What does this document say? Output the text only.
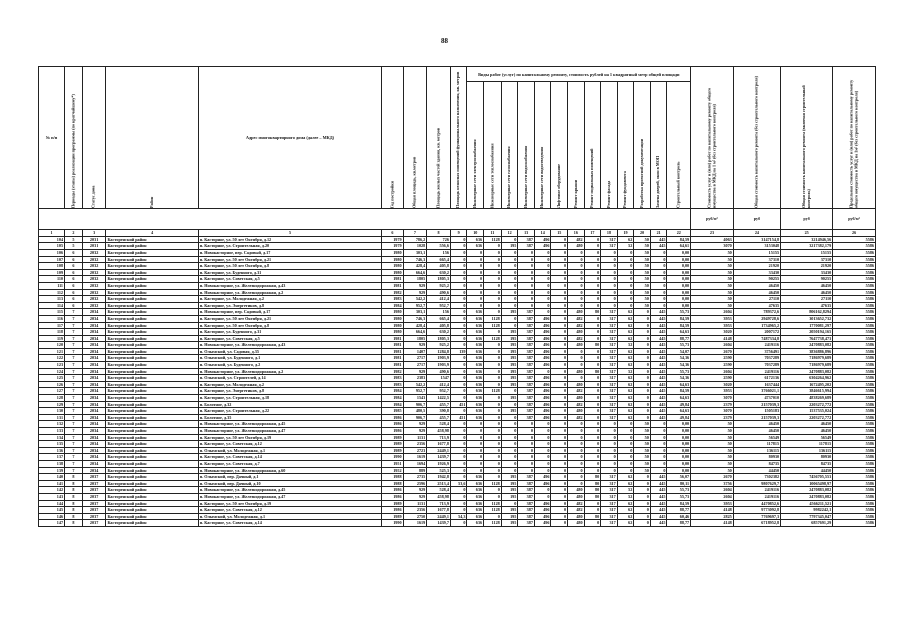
88
№ п/п	Периоды (этапы) реализации программы (по кратчайшему*)	Статус дома	Район	Адрес многоквартирного дома (далее – МКД)	Год постройки	Общая площадь, кв.метров	Площадь жилых частей здания, кв. метров	Площадь нежилых помещений функционального назначения, кв. метров	Виды работ (услуг) по капитальному ремонту, стоимость рублей на 1 квадратный метр общей площади													Стоимость услуг и (или) работ по капитальному ремонту общего имущества в МКД на 1 м² (без строительного контроля)	Общая стоимость капитального ремонта (без строительного контроля)	Общая стоимость капитального ремонта (включая строительный контроль)	Предельная стоимость услуг и (или) работ по капитальному ремонту общего имущества в МКД на 1м² (без строительного контроля)
									Инженерные сети электроснабжения	Инженерные сети теплоснабжения	Инженерные сети газоснабжения	Инженерные сети водоснабжения	Инженерные сети водоотведения	Лифтовое оборудование	Ремонт крыши	Ремонт подвальных помещений	Ремонт фасада	Ремонт фундамента	Разработка проектной документации	Замена дверей, окон в МОП	Строительный контроль				
																						руб/м²	руб	руб	руб/м²
1	2	3	4	5	6	7	8	9	10	11	12	13	14	15	16	17	18	19	20	21	22	23	24	25	26
104	5	2031	Касторенский район	п. Касторное, ул. 50 лет Октября, д.12	1979	786,2	726	0	636	1128	0	387	496	0	482	0	317	62	50	445	84,59	4063	3147154,8	3214946,56	5586
105	5	2031	Касторенский район	п. Касторное, ул. Строительная, д.20	1979	1028	556,6	0	636	0	195	387	496	0	480	0	317	52	50	445	64,61	3070	3153048	3217382,179	5586
106	6	2032	Касторенский район	п. Новокасторное, пер. Садовый, д.17	1980	303,1	156	0	0	0	0	0	0	0	0	0	0	0	50	0	0,00	50	15155	15155	5586
107	6	2032	Касторенский район	п. Касторное, ул. 50 лет Октября, д.21	1980	746,3	665,4	0	0	0	0	0	0	0	0	0	0	0	50	0	0,00	50	37310	37310	5586
108	6	2032	Касторенский район	п. Касторное, ул. 50 лет Октября, д.8	1980	428,4	405,8	0	0	0	0	0	0	0	0	0	0	0	50	0	0,00	50	21920	21920	5586
109	6	2032	Касторенский район	п. Касторное, ул. Буденного, д.31	1980	664,6	630,2	0	0	0	0	0	0	0	0	0	0	0	50	0	0,00	50	33430	33430	5586
110	6	2032	Касторенский район	п. Касторное, ул. Советская, д.5	1981	1805	1805,3	0	0	0	0	0	0	0	0	0	0	0	50	0	0,00	50	90255	90255	5586
111	6	2032	Касторенский район	п. Новокасторное, ул. Железнодорожная, д.43	1981	929	925,2	0	0	0	0	0	0	0	0	0	0	0	50	0	0,00	50	46450	46450	5586
112	6	2032	Касторенский район	п. Новокасторное, ул. Железнодорожная, д.2	1982	929	490,6	0	0	0	0	0	0	0	0	0	0	0	50	0	0,00	50	46450	46450	5586
113	6	2032	Касторенский район	п. Касторное, ул. Молодежная, д.2	1983	542,2	412,4	0	0	0	0	0	0	0	0	0	0	0	50	0	0,00	50	27110	27110	5586
114	6	2032	Касторенский район	п. Касторное, ул. Энергетиков, д.8	1984	952,7	952,7	0	0	0	0	0	0	0	0	0	0	0	50	0	0,00	50	47635	47635	5586
115	7	2034	Касторенский район	п. Новокасторное, пер. Садовый, д.17	1980	303,1	156	0	636	0	195	387	0	0	480	80	317	62	0	445	55,73	2604	789372,6	806162,8294	5586
116	7	2034	Касторенский район	п. Касторное, ул. 50 лет Октября, д.21	1980	746,3	665,4	0	636	1128	0	387	496	0	482	0	317	62	0	445	84,59	3953	2949728,6	3013652,732	5586
117	7	2034	Касторенский район	п. Касторное, ул. 50 лет Октября, д.8	1980	428,4	405,8	0	636	1128	0	387	496	0	482	0	317	62	0	445	84,59	3953	1734965,2	1770081,297	5586
118	7	2034	Касторенский район	п. Касторное, ул. Буденного, д.31	1980	664,6	630,2	0	636	0	195	387	496	0	480	0	317	62	0	445	64,63	3020	2007172	2050194,165	5586
119	7	2034	Касторенский район	п. Касторное, ул. Советская, д.5	1981	1805	1805,3	0	636	1128	195	387	496	0	482	0	317	62	0	445	88,77	4148	7487334,8	7647738,473	5586
120	7	2034	Касторенский район	п. Новокасторное, ул. Железнодорожная, д.43	1981	929	925,2	0	636	0	195	387	496	0	480	80	317	52	0	445	55,73	2604	2419116	2470883,082	5586
121	7	2034	Касторенский район	п. Олымский, ул. Садовая, д.35	1981	1407	1284,8	139	636	0	195	387	496	0	0	0	317	62	0	445	54,07	2670	3756491	3836886,896	5586
122	7	2034	Касторенский район	п. Олымский, ул. Буденного, д.1	1981	2717	1903,9	0	636	0	195	387	496	0	0	0	317	62	0	445	54,36	2590	7037289	7186979,689	5586
123	7	2034	Касторенский район	п. Олымский, ул. Буденного, д.2	1981	2717	1903,9	0	636	0	195	387	496	0	0	0	317	62	0	445	54,36	2590	7037289	7186979,689	5586
124	7	2034	Касторенский район	п. Новокасторное, ул. Железнодорожная, д.2	1982	929	490,6	0	636	0	195	387	0	0	480	80	317	52	0	445	55,73	2604	2419116	2470883,082	5586
125	7	2034	Касторенский район	п. Олымский, ул. Строителей, д.14	1983	2383	1547	0	636	0	195	387	496	0	0	0	317	62	0	445	54,36	2590	6172136	6304264,962	5586
126	7	2034	Касторенский район	п. Касторное, ул. Молодежная, д.2	1983	542,2	412,4	0	636	0	195	387	496	0	480	0	317	62	0	445	64,63	3020	1637444	1672495,202	5586
127	7	2034	Касторенский район	п. Касторное, ул. Энергетиков, д.8	1984	952,7	952,7	0	636	1128	0	387	496	0	482	0	317	62	0	445	84,59	3953	3766021,1	3846615,994	5586
128	7	2034	Касторенский район	п. Касторное, ул. Строительная, д.18	1984	1543	1422,5	0	636	0	195	387	496	0	480	0	317	62	0	445	64,63	3070	4737010	4838269,689	5586
129	7	2034	Касторенский район	п. Болотное, д.32	1984	906,7	455,7	451	636	0	0	387	496	0	482	0	317	62	0	445	49,84	2379	2157039,3	2203272,772	5586
130	7	2034	Касторенский район	п. Касторное, ул. Строительная, д.22	1985	480,5	390,8	0	636	0	195	387	496	0	480	0	317	62	0	445	64,63	3070	1505183	1537535,024	5586
131	7	2034	Касторенский район	п. Болотное, д.35	1986	906,7	455,7	451	636	0	0	387	496	0	482	0	317	62	0	445	49,84	2379	2157039,3	2203272,772	5586
132	7	2034	Касторенский район	п. Новокасторное, ул. Железнодорожная, д.45	1986	929	528,4	0	0	0	0	0	0	0	0	0	0	0	50	0	0,00	50	46450	46450	5586
133	7	2034	Касторенский район	п. Новокасторное, ул. Железнодорожная, д.47	1986	929	458,98	0	0	0	0	0	0	0	0	0	0	0	50	0	0,00	50	46450	46450	5586
134	7	2034	Касторенский район	п. Касторное, ул. 50 лет Октября, д.19	1989	1131	713,9	0	0	0	0	0	0	0	0	0	0	0	50	0	0,00	50	56549	56549	5586
135	7	2034	Касторенский район	п. Касторное, ул. Советская, д.12	1989	2356	1677,8	0	0	0	0	0	0	0	0	0	0	0	50	0	0,00	50	117815	117815	5586
136	7	2034	Касторенский район	п. Олымский, ул. Молодежная, д.1	1989	2723	2449,1	0	0	0	0	0	0	0	0	0	0	0	50	0	0,00	50	136115	136115	5586
137	7	2034	Касторенский район	п. Касторное, ул. Советская, д.14	1990	1619	1439,7	0	0	0	0	0	0	0	0	0	0	0	50	0	0,00	50	80930	80930	5586
138	7	2034	Касторенский район	п. Касторное, ул. Советская, д.7	1951	1694	1926,9	0	0	0	0	0	0	0	0	0	0	0	50	0	0,00	50	84735	84735	5586
139	7	2034	Касторенский район	п. Новокасторное, ул. Железнодорожная, д.60	1952	889	525,3	0	0	0	0	0	0	0	0	0	0	0	50	0	0,00	50	44450	44450	5586
140	8	2037	Касторенский район	п. Олымский, пер. Дачный, д.1	1988	2735	1942,8	0	636	0	195	387	496	0	0	80	317	62	0	445	56,07	2670	7302382	7456705,553	5586
141	8	2037	Касторенский район	п. Олымский, пер. Дачный, д.10	1988	2596	2513,4	53,6	636	1128	195	387	496	0	0	80	317	62	0	445	80,11	3756	9807629,7	10065498,97	5586
142	8	2037	Касторенский район	п. Новокасторное, ул. Железнодорожная, д.45	1986	929	528,4	0	636	0	195	387	0	0	480	80	317	52	0	445	55,73	2604	2419116	2470883,082	5586
143	8	2037	Касторенский район	п. Новокасторное, ул. Железнодорожная, д.47	1986	929	458,98	0	636	0	195	387	0	0	480	80	317	52	0	445	55,73	2604	2419116	2470883,082	5586
144	8	2037	Касторенский район	п. Касторное, ул. 50 лет Октября, д.19	1989	1131	713,9	0	636	1128	0	387	496	0	482	0	317	62	0	445	84,59	3953	4470852,6	4566211,521	5586
145	8	2037	Касторенский район	п. Касторное, ул. Советская, д.12	1986	2356	1677,8	0	636	1128	195	387	496	0	482	0	317	62	0	445	88,77	4148	9773092,8	9982242,1	5586
146	8	2037	Касторенский район	п. Олымский, ул. Молодежная, д.1	1989	2750	2449,1	54,3	636	0	195	387	496	0	480	80	317	62	0	445	60,46	2825	7769697,3	7797345,047	5586
147	8	2037	Касторенский район	п. Касторное, ул. Советская, д.14	1990	1619	1439,7	0	636	1128	195	387	496	0	480	0	317	62	0	445	88,77	4148	6718952,8	6857691,29	5586
